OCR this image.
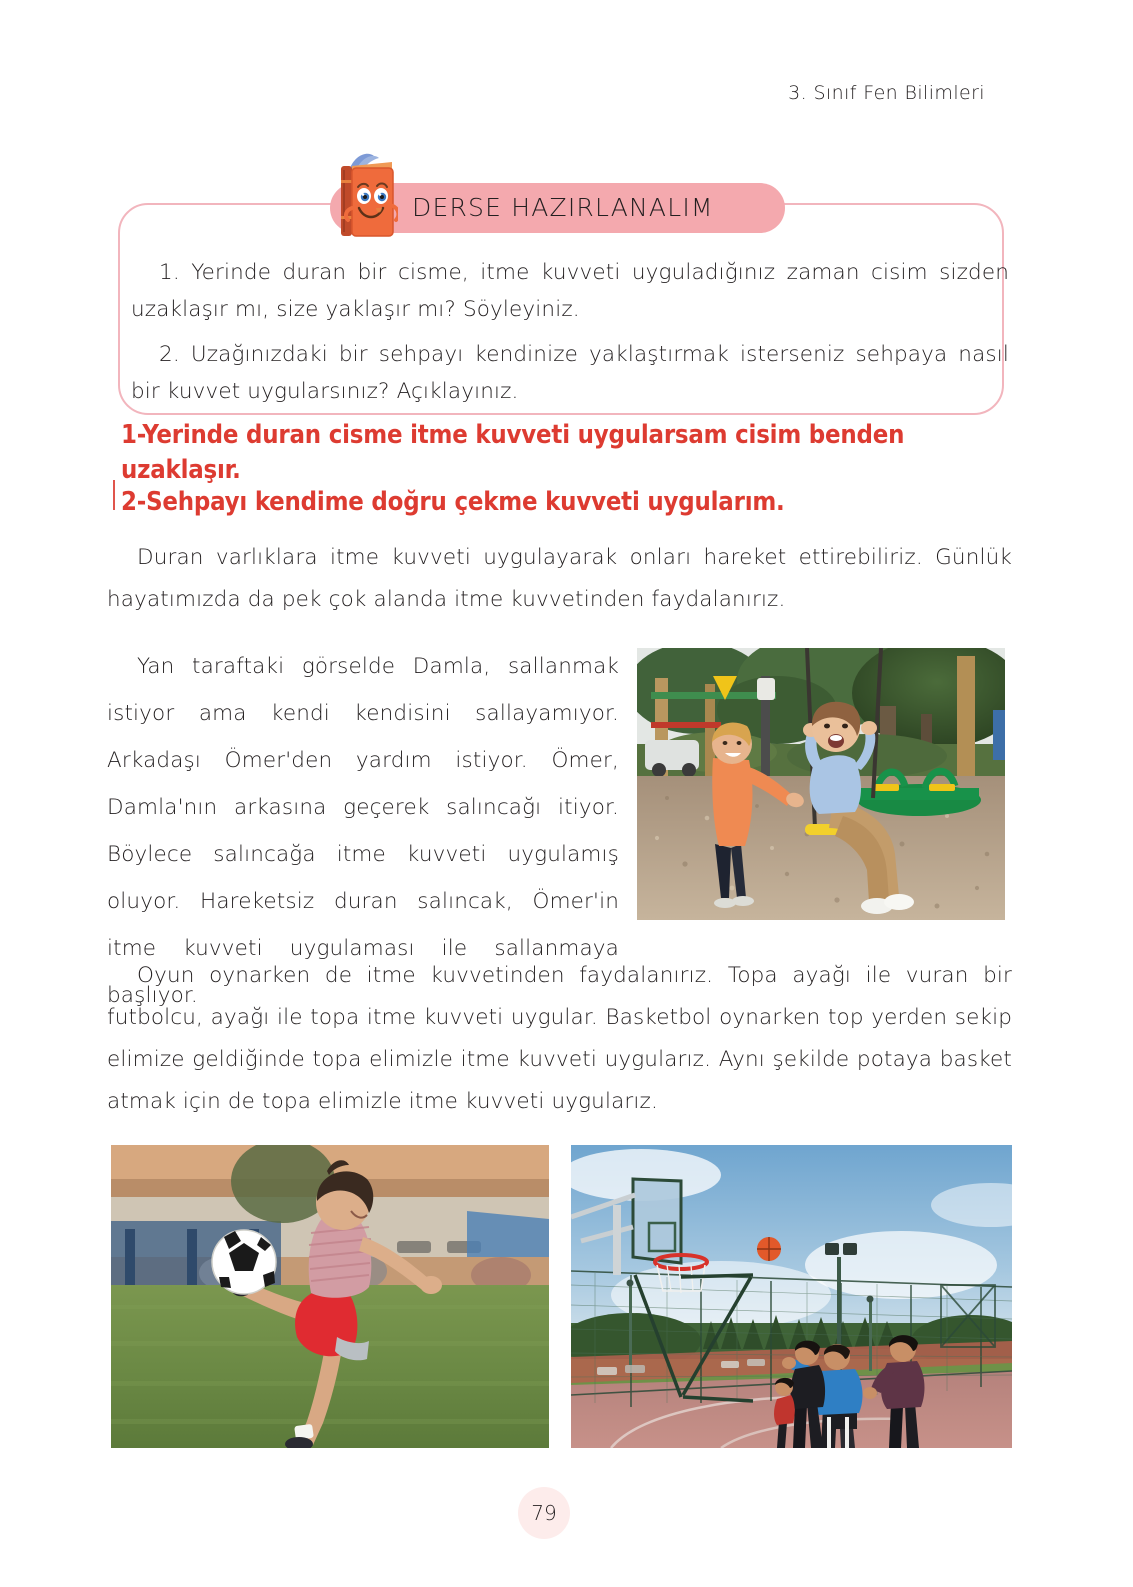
3. Sınıf Fen Bilimleri
DERSE HAZIRLANALIM
1. Yerinde duran bir cisme, itme kuvveti uyguladığınız zaman cisim sizden uzaklaşır mı, size yaklaşır mı? Söyleyiniz.
2. Uzağınızdaki bir sehpayı kendinize yaklaştırmak isterseniz sehpaya nasıl bir kuvvet uygularsınız? Açıklayınız.
1-Yerinde duran cisme itme kuvveti uygularsam cisim benden uzaklaşır.
2-Sehpayı kendime doğru çekme kuvveti uygularım.
Duran varlıklara itme kuvveti uygulayarak onları hareket ettirebiliriz. Günlük hayatımızda da pek çok alanda itme kuvvetinden faydalanırız.
Yan taraftaki görselde Damla, sallanmak istiyor ama kendi kendisini sallayamıyor. Arkadaşı Ömer'den yardım istiyor. Ömer, Damla'nın arkasına geçerek salıncağı itiyor. Böylece salıncağa itme kuvveti uygulamış oluyor. Hareketsiz duran salıncak, Ömer'in itme kuvveti uygulaması ile sallanmaya başlıyor.
Oyun oynarken de itme kuvvetinden faydalanırız. Topa ayağı ile vuran bir futbolcu, ayağı ile topa itme kuvveti uygular. Basketbol oynarken top yerden sekip elimize geldiğinde topa elimizle itme kuvveti uygularız. Aynı şekilde potaya basket atmak için de topa elimizle itme kuvveti uygularız.
79
